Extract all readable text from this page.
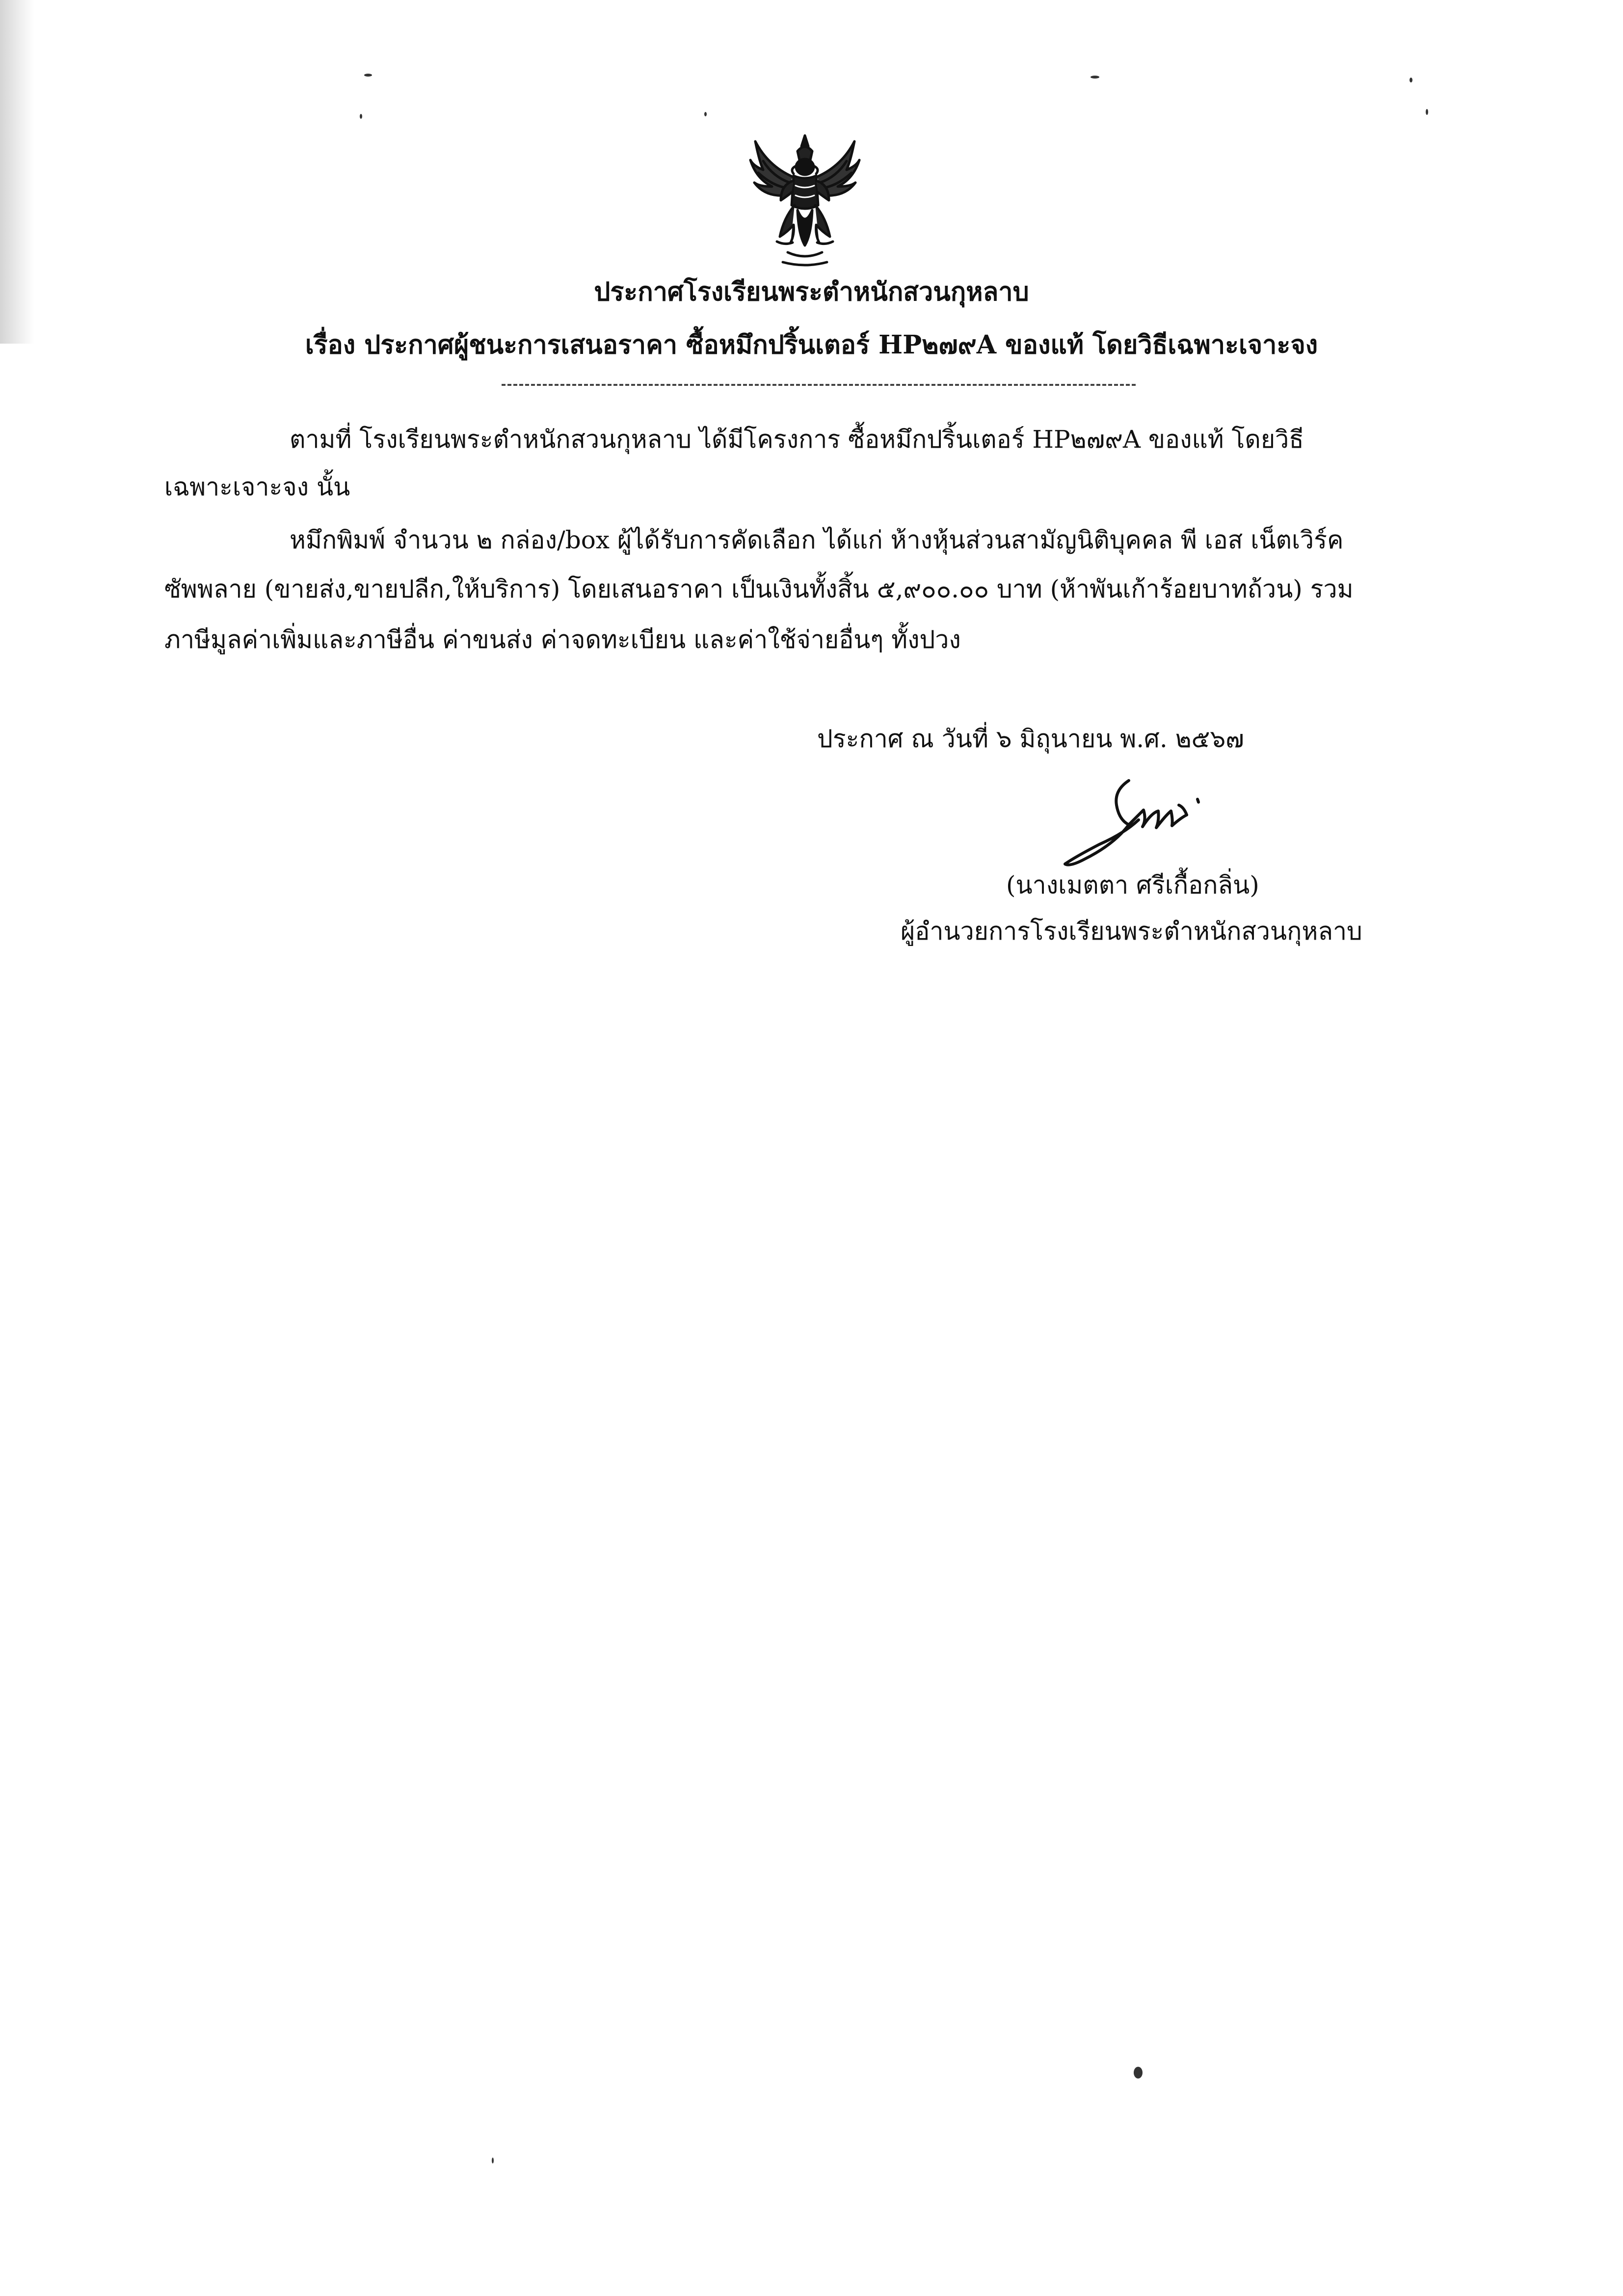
ประกาศโรงเรียนพระตำหนักสวนกุหลาบ
เรื่อง ประกาศผู้ชนะการเสนอราคา ซื้อหมึกปริ้นเตอร์ HP๒๗๙A ของแท้ โดยวิธีเฉพาะเจาะจง
ตามที่ โรงเรียนพระตำหนักสวนกุหลาบ ได้มีโครงการ ซื้อหมึกปริ้นเตอร์ HP๒๗๙A ของแท้ โดยวิธี
เฉพาะเจาะจง นั้น
หมึกพิมพ์ จำนวน ๒ กล่อง/box ผู้ได้รับการคัดเลือก ได้แก่ ห้างหุ้นส่วนสามัญนิติบุคคล พี เอส เน็ตเวิร์ค
ซัพพลาย (ขายส่ง,ขายปลีก,ให้บริการ) โดยเสนอราคา เป็นเงินทั้งสิ้น ๕,๙๐๐.๐๐ บาท (ห้าพันเก้าร้อยบาทถ้วน) รวม
ภาษีมูลค่าเพิ่มและภาษีอื่น ค่าขนส่ง ค่าจดทะเบียน และค่าใช้จ่ายอื่นๆ ทั้งปวง
ประกาศ ณ วันที่ ๖ มิถุนายน พ.ศ. ๒๕๖๗
(นางเมตตา ศรีเกื้อกลิ่น)
ผู้อำนวยการโรงเรียนพระตำหนักสวนกุหลาบ
